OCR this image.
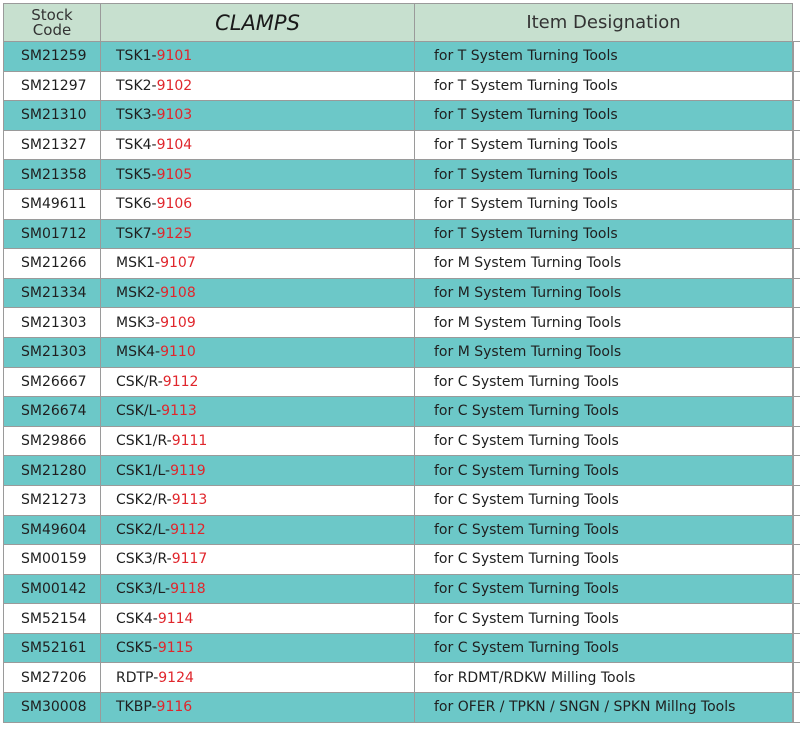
Stock Code	CLAMPS	Item Designation	
SM21259	TSK1-9101	for T System Turning Tools	
SM21297	TSK2-9102	for T System Turning Tools	
SM21310	TSK3-9103	for T System Turning Tools	
SM21327	TSK4-9104	for T System Turning Tools	
SM21358	TSK5-9105	for T System Turning Tools	
SM49611	TSK6-9106	for T System Turning Tools	
SM01712	TSK7-9125	for T System Turning Tools	
SM21266	MSK1-9107	for M System Turning Tools	
SM21334	MSK2-9108	for M System Turning Tools	
SM21303	MSK3-9109	for M System Turning Tools	
SM21303	MSK4-9110	for M System Turning Tools	
SM26667	CSK/R-9112	for C System Turning Tools	
SM26674	CSK/L-9113	for C System Turning Tools	
SM29866	CSK1/R-9111	for C System Turning Tools	
SM21280	CSK1/L-9119	for C System Turning Tools	
SM21273	CSK2/R-9113	for C System Turning Tools	
SM49604	CSK2/L-9112	for C System Turning Tools	
SM00159	CSK3/R-9117	for C System Turning Tools	
SM00142	CSK3/L-9118	for C System Turning Tools	
SM52154	CSK4-9114	for C System Turning Tools	
SM52161	CSK5-9115	for C System Turning Tools	
SM27206	RDTP-9124	for RDMT/RDKW Milling Tools	
SM30008	TKBP-9116	for OFER / TPKN / SNGN / SPKN Millng Tools	
